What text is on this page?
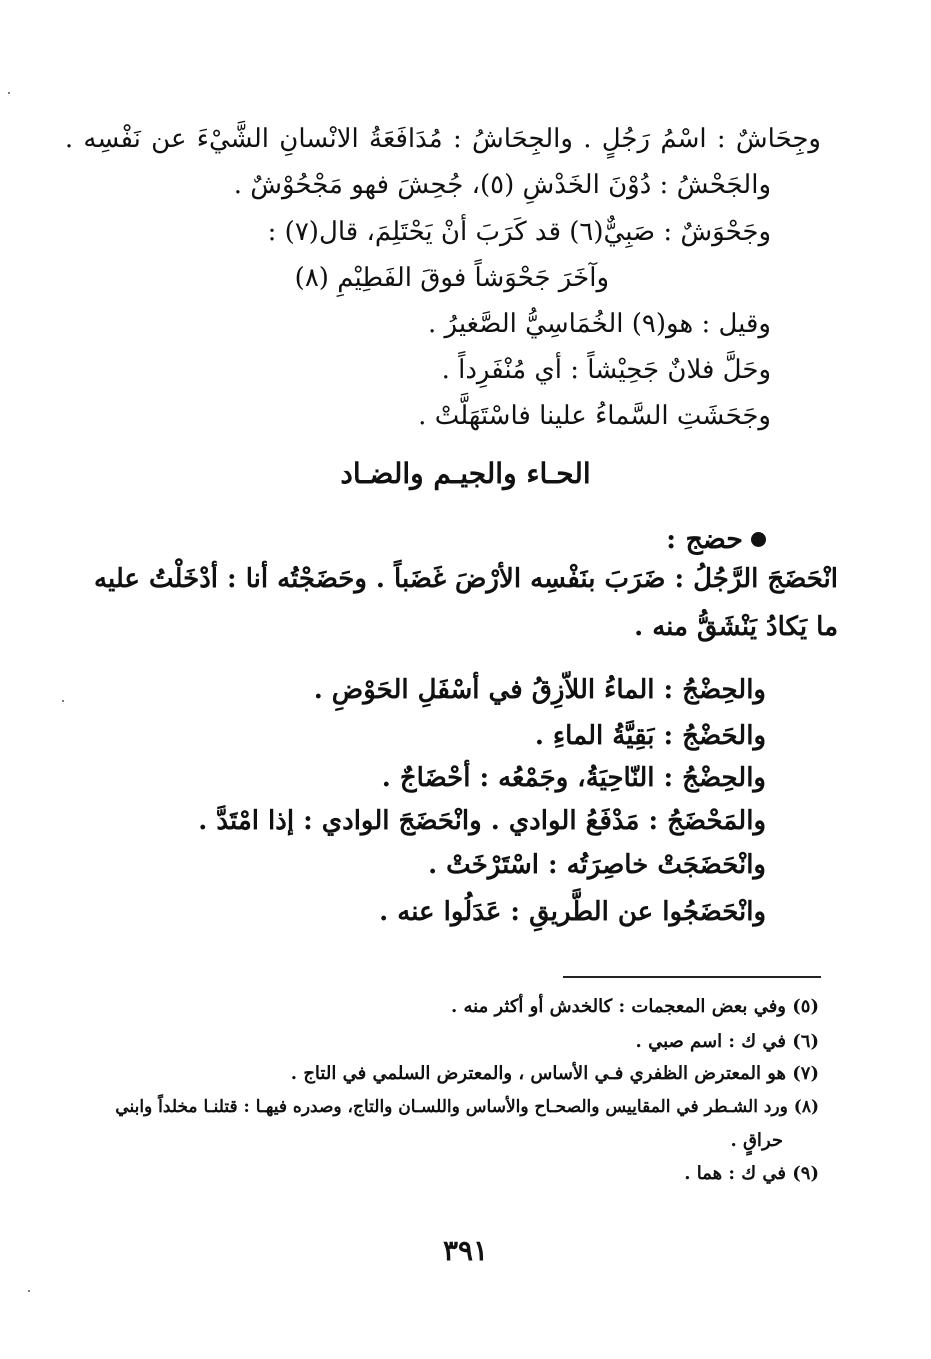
وجِحَاشٌ : اسْمُ رَجُلٍ . والجِحَاشُ : مُدَافَعَةُ الانْسانِ الشَّيْءَ عن نَفْسِه .
والجَحْشُ : دُوْنَ الخَدْشِ (٥)، جُحِشَ فهو مَجْحُوْشٌ .
وجَحْوَشٌ : صَبِيٌّ(٦) قد كَرَبَ أنْ يَحْتَلِمَ، قال(٧) :
وآخَرَ جَحْوَشاً فوقَ الفَطِيْمِ (٨)
وقيل : هو(٩) الخُمَاسِيُّ الصَّغيرُ .
وحَلَّ فلانٌ جَحِيْشاً : أي مُنْفَرِداً .
وجَحَشَتِ السَّماءُ علينا فاسْتَهَلَّتْ .
الحـاء والجيـم والضـاد
حضج :
انْحَضَجَ الرَّجُلُ : ضَرَبَ بنَفْسِه الأرْضَ غَضَباً . وحَضَجْتُه أنا : أدْخَلْتُ عليه
ما يَكادُ يَنْشَقُّ منه .
والحِضْجُ : الماءُ اللاّزِقُ في أسْفَلِ الحَوْضِ .
والحَضْجُ : بَقِيَّةُ الماءِ .
والحِضْجُ : النّاحِيَةُ، وجَمْعُه : أحْضَاجٌ .
والمَحْضَجُ : مَدْفَعُ الوادي . وانْحَضَجَ الوادي : إذا امْتَدَّ .
وانْحَضَجَتْ خاصِرَتُه : اسْتَرْخَتْ .
وانْحَضَجُوا عن الطَّريقِ : عَدَلُوا عنه .
(٥) وفي بعض المعجمات : كالخدش أو أكثر منه .
(٦) في ك : اسم صبي .
(٧) هو المعترض الظفري فـي الأساس ، والمعترض السلمي في التاج .
(٨) ورد الشـطر في المقاييس والصحـاح والأساس واللسـان والتاج، وصدره فيهـا : قتلنـا مخلداً وابني
حراقٍ .
(٩) في ك : هما .
٣٩١
